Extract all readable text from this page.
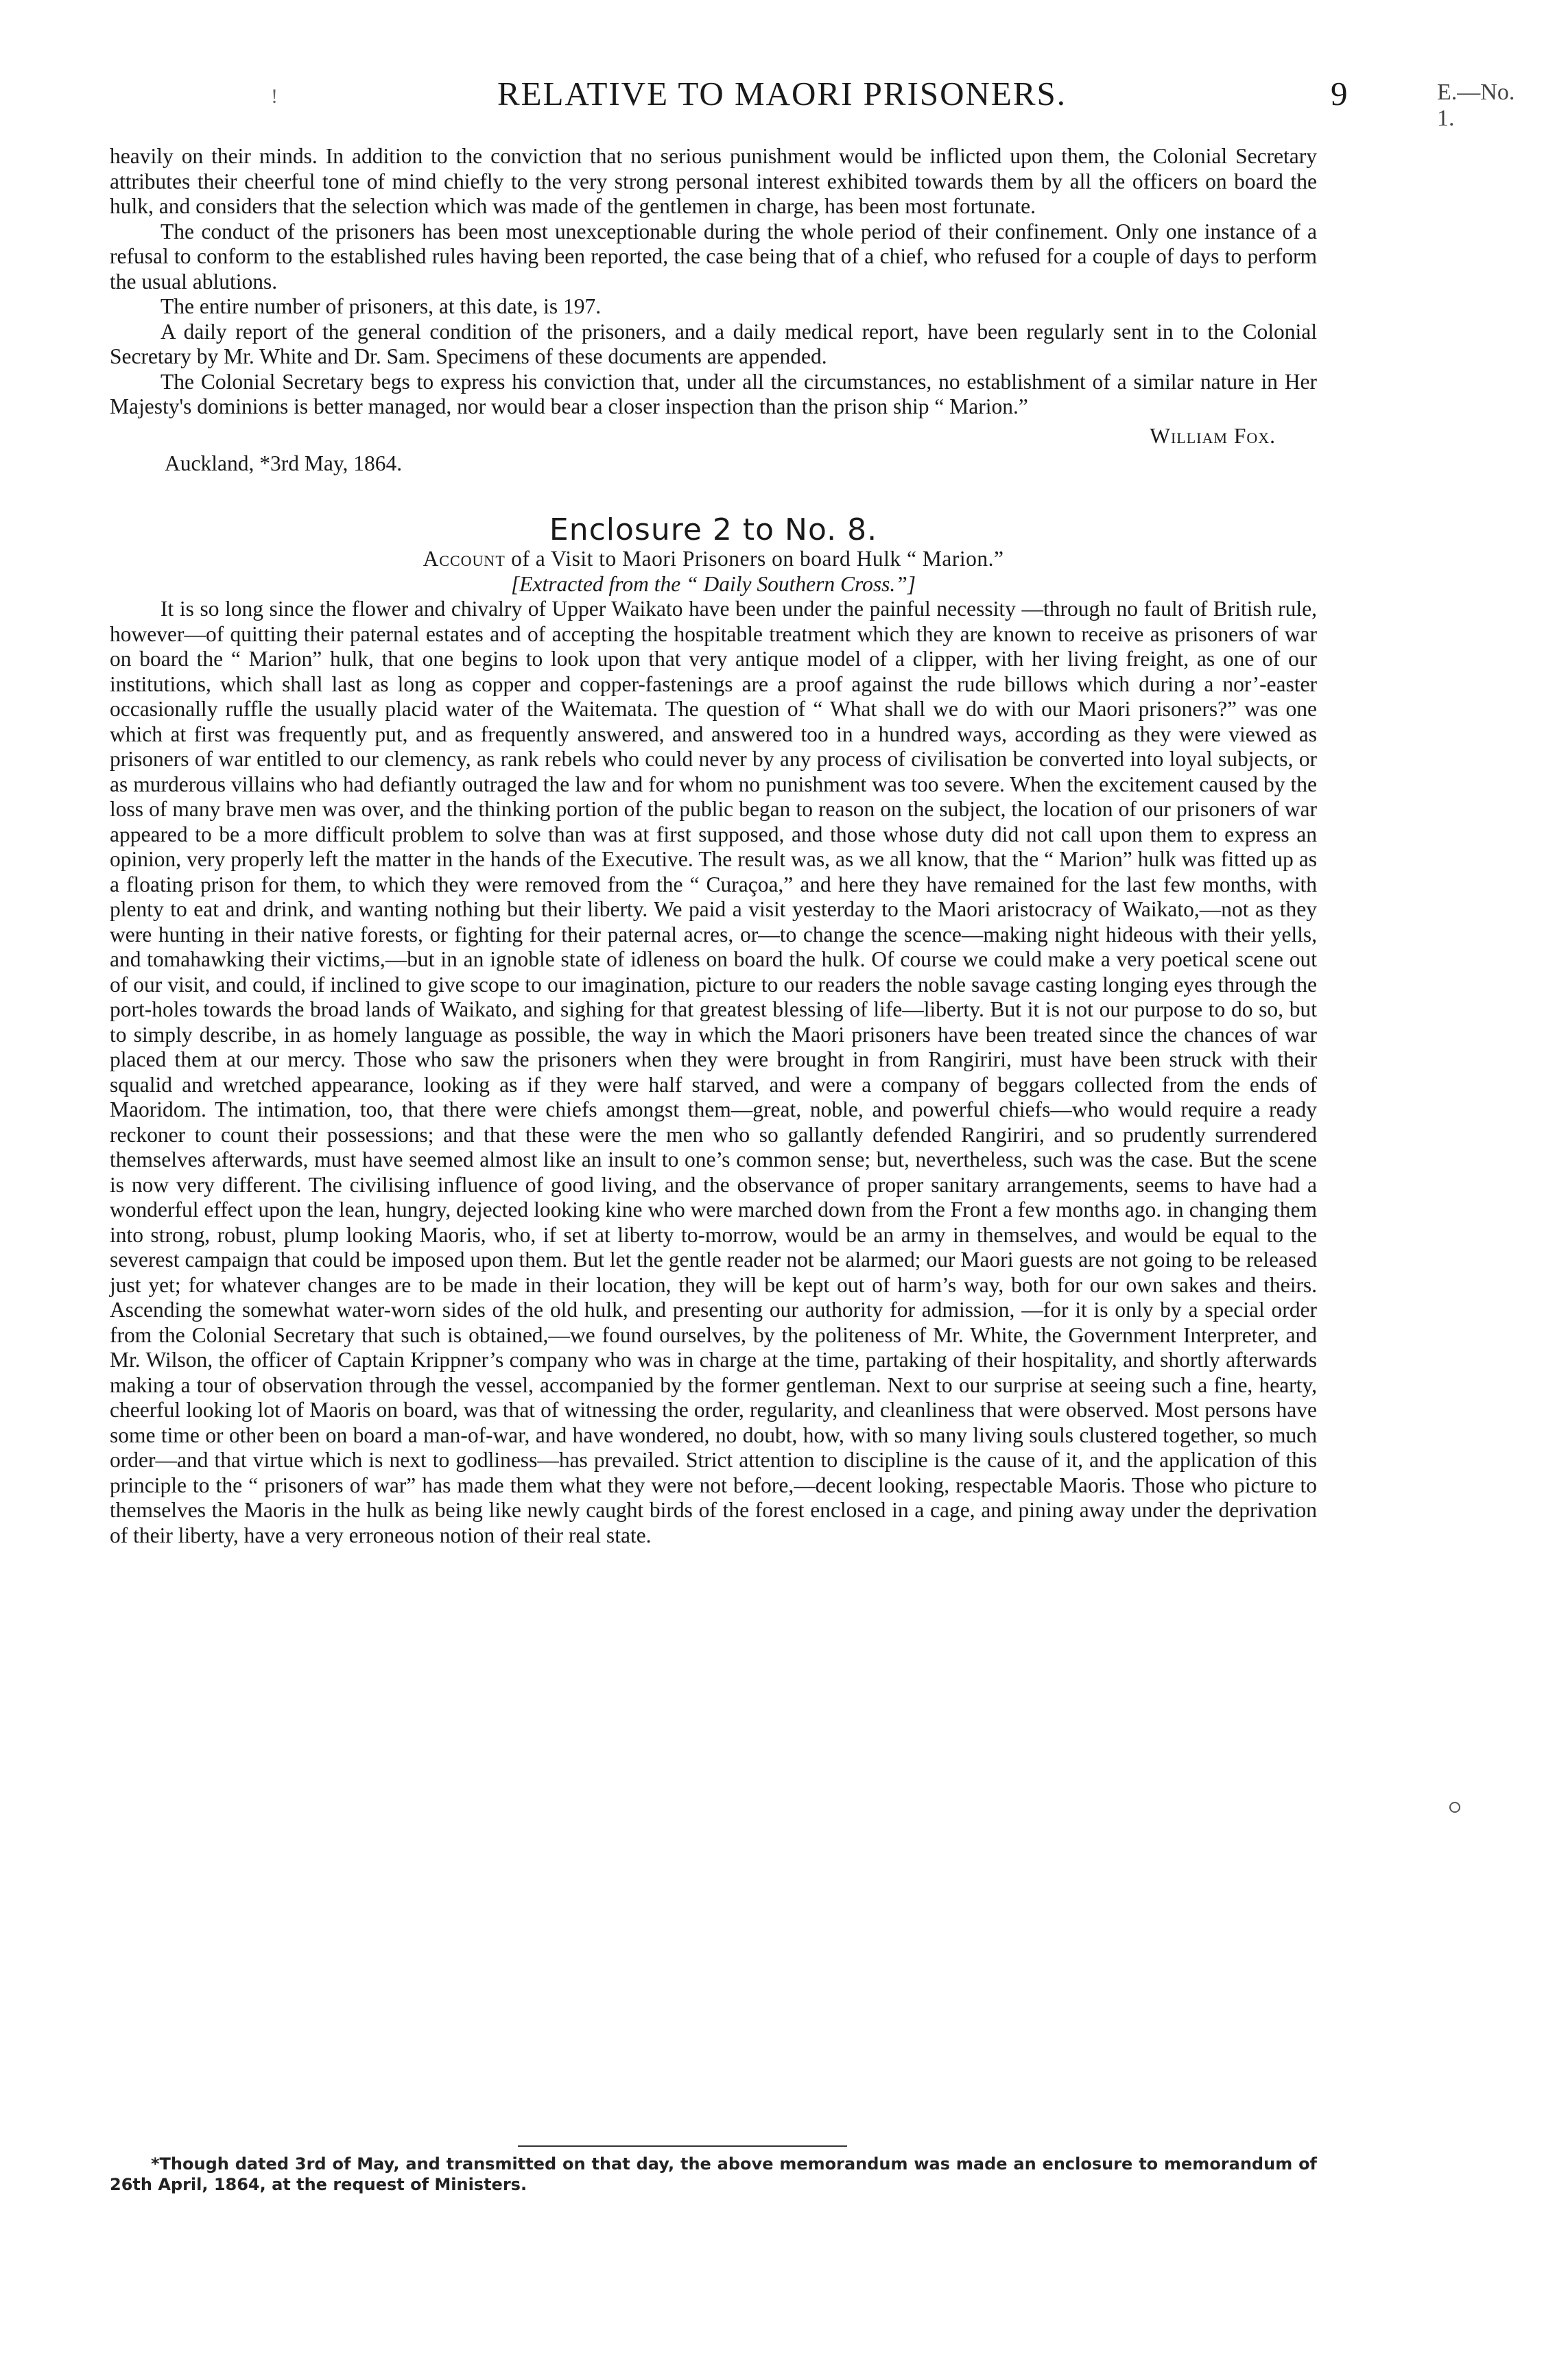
!	RELATIVE TO MAORI PRISONERS.	9	E.—No. 1.

heavily on their minds. In addition to the conviction that no serious punishment would be inflicted upon them, the Colonial Secretary attributes their cheerful tone of mind chiefly to the very strong personal interest exhibited towards them by all the officers on board the hulk, and considers that the selection which was made of the gentlemen in charge, has been most fortunate.

The conduct of the prisoners has been most unexceptionable during the whole period of their confinement. Only one instance of a refusal to conform to the established rules having been reported, the case being that of a chief, who refused for a couple of days to perform the usual ablutions.

The entire number of prisoners, at this date, is 197.

A daily report of the general condition of the prisoners, and a daily medical report, have been regularly sent in to the Colonial Secretary by Mr. White and Dr. Sam. Specimens of these documents are appended.

The Colonial Secretary begs to express his conviction that, under all the circumstances, no establishment of a similar nature in Her Majesty's dominions is better managed, nor would bear a closer inspection than the prison ship “ Marion.”

William Fox.
Auckland, *3rd May, 1864.
Enclosure 2 to No. 8.

Account of a Visit to Maori Prisoners on board Hulk “ Marion.”

[Extracted from the “ Daily Southern Cross.”]

It is so long since the flower and chivalry of Upper Waikato have been under the painful necessity —through no fault of British rule, however—of quitting their paternal estates and of accepting the hospitable treatment which they are known to receive as prisoners of war on board the “ Marion” hulk, that one begins to look upon that very antique model of a clipper, with her living freight, as one of our institutions, which shall last as long as copper and copper-fastenings are a proof against the rude billows which during a nor’-easter occasionally ruffle the usually placid water of the Waitemata. The question of “ What shall we do with our Maori prisoners?” was one which at first was frequently put, and as frequently answered, and answered too in a hundred ways, according as they were viewed as prisoners of war entitled to our clemency, as rank rebels who could never by any process of civilisation be converted into loyal subjects, or as murderous villains who had defiantly outraged the law and for whom no punishment was too severe. When the excitement caused by the loss of many brave men was over, and the thinking portion of the public began to reason on the subject, the location of our prisoners of war appeared to be a more difficult problem to solve than was at first supposed, and those whose duty did not call upon them to express an opinion, very properly left the matter in the hands of the Executive. The result was, as we all know, that the “ Marion” hulk was fitted up as a floating prison for them, to which they were removed from the “ Curaçoa,” and here they have remained for the last few months, with plenty to eat and drink, and wanting nothing but their liberty. We paid a visit yesterday to the Maori aristocracy of Waikato,—not as they were hunting in their native forests, or fighting for their paternal acres, or—to change the scence—making night hideous with their yells, and tomahawking their victims,—but in an ignoble state of idleness on board the hulk. Of course we could make a very poetical scene out of our visit, and could, if inclined to give scope to our imagination, picture to our readers the noble savage casting longing eyes through the port-holes towards the broad lands of Waikato, and sighing for that greatest blessing of life—liberty. But it is not our purpose to do so, but to simply describe, in as homely language as possible, the way in which the Maori prisoners have been treated since the chances of war placed them at our mercy. Those who saw the prisoners when they were brought in from Rangiriri, must have been struck with their squalid and wretched appearance, looking as if they were half starved, and were a company of beggars collected from the ends of Maoridom. The intimation, too, that there were chiefs amongst them—great, noble, and powerful chiefs—who would require a ready reckoner to count their possessions; and that these were the men who so gallantly defended Rangiriri, and so prudently surrendered themselves afterwards, must have seemed almost like an insult to one’s common sense; but, nevertheless, such was the case. But the scene is now very different. The civilising influence of good living, and the observance of proper sanitary arrangements, seems to have had a wonderful effect upon the lean, hungry, dejected looking kine who were marched down from the Front a few months ago. in changing them into strong, robust, plump looking Maoris, who, if set at liberty to-morrow, would be an army in themselves, and would be equal to the severest campaign that could be imposed upon them. But let the gentle reader not be alarmed; our Maori guests are not going to be released just yet; for whatever changes are to be made in their location, they will be kept out of harm’s way, both for our own sakes and theirs. Ascending the somewhat water-worn sides of the old hulk, and presenting our authority for admission, —for it is only by a special order from the Colonial Secretary that such is obtained,—we found ourselves, by the politeness of Mr. White, the Government Interpreter, and Mr. Wilson, the officer of Captain Krippner’s company who was in charge at the time, partaking of their hospitality, and shortly afterwards making a tour of observation through the vessel, accompanied by the former gentleman. Next to our surprise at seeing such a fine, hearty, cheerful looking lot of Maoris on board, was that of witnessing the order, regularity, and cleanliness that were observed. Most persons have some time or other been on board a man-of-war, and have wondered, no doubt, how, with so many living souls clustered together, so much order—and that virtue which is next to godliness—has prevailed. Strict attention to discipline is the cause of it, and the application of this principle to the “ prisoners of war” has made them what they were not before,—decent looking, respectable Maoris. Those who picture to themselves the Maoris in the hulk as being like newly caught birds of the forest enclosed in a cage, and pining away under the deprivation of their liberty, have a very erroneous notion of their real state.

*Though dated 3rd of May, and transmitted on that day, the above memorandum was made an enclosure to memorandum of 26th April, 1864, at the request of Ministers.
